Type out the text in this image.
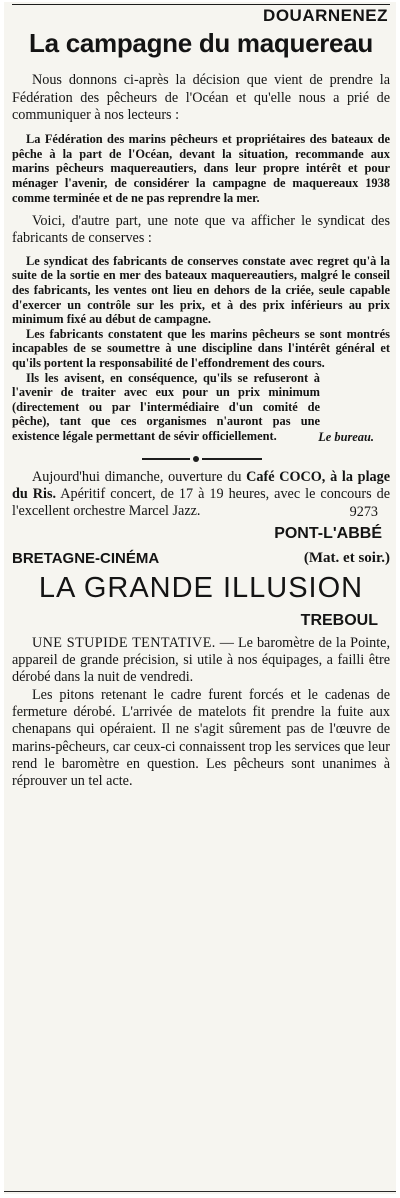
DOUARNENEZ
La campagne du maquereau

Nous donnons ci-après la décision que vient de prendre la Fédération des pêcheurs de l'Océan et qu'elle nous a prié de communiquer à nos lecteurs :

La Fédération des marins pêcheurs et propriétaires des bateaux de pêche à la part de l'Océan, devant la situation, recommande aux marins pêcheurs maquereautiers, dans leur propre intérêt et pour ménager l'avenir, de considérer la campagne de maquereaux 1938 comme terminée et de ne pas reprendre la mer.

Voici, d'autre part, une note que va afficher le syndicat des fabricants de conserves :

Le syndicat des fabricants de conserves constate avec regret qu'à la suite de la sortie en mer des bateaux maquereautiers, malgré le conseil des fabricants, les ventes ont lieu en dehors de la criée, seule capable d'exercer un contrôle sur les prix, et à des prix inférieurs au prix minimum fixé au début de campagne.

Les fabricants constatent que les marins pêcheurs se sont montrés incapables de se soumettre à une discipline dans l'intérêt général et qu'ils portent la responsabilité de l'effondrement des cours.

Ils les avisent, en conséquence, qu'ils se refuseront à l'avenir de traiter avec eux pour un prix minimum (directement ou par l'intermédiaire d'un comité de pêche), tant que ces organismes n'auront pas une existence légale permettant de sévir officiellement.	Le bureau.

Aujourd'hui dimanche, ouverture du Café COCO, à la plage du Ris. Apéritif concert, de 17 à 19 heures, avec le concours de l'excellent orchestre Marcel Jazz.	9273
PONT-L'ABBÉ
BRETAGNE-CINÉMA	(Mat. et soir.)
LA GRANDE ILLUSION
TREBOUL

UNE STUPIDE TENTATIVE. — Le baromètre de la Pointe, appareil de grande précision, si utile à nos équipages, a failli être dérobé dans la nuit de vendredi.

Les pitons retenant le cadre furent forcés et le cadenas de fermeture dérobé. L'arrivée de matelots fit prendre la fuite aux chenapans qui opéraient. Il ne s'agit sûrement pas de l'œuvre de marins-pêcheurs, car ceux-ci connaissent trop les services que leur rend le baromètre en question. Les pêcheurs sont unanimes à réprouver un tel acte.
